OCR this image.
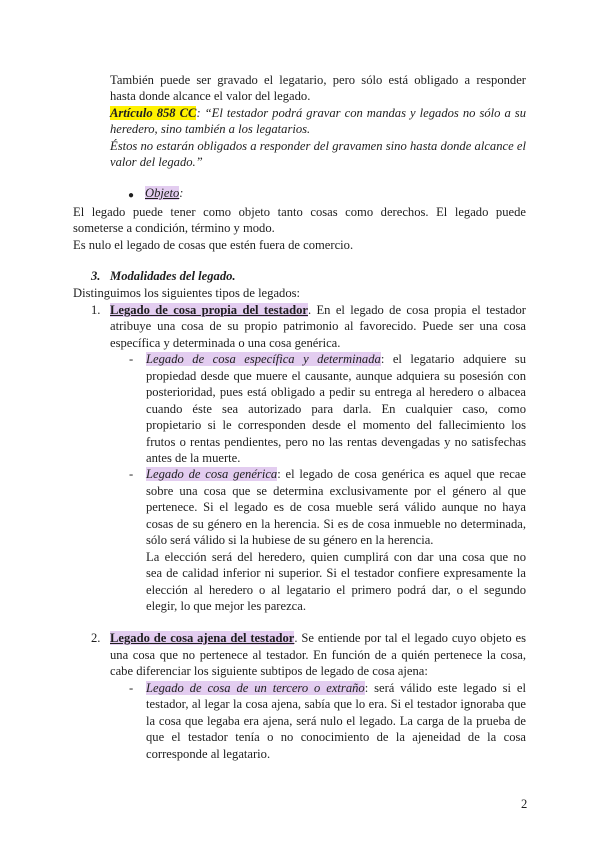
También puede ser gravado el legatario, pero sólo está obligado a responder
hasta donde alcance el valor del legado.
Artículo 858 CC: “El testador podrá gravar con mandas y legados no sólo a su
heredero, sino también a los legatarios.
Éstos no estarán obligados a responder del gravamen sino hasta donde alcance el
valor del legado.”
● Objeto:
El legado puede tener como objeto tanto cosas como derechos. El legado puede
someterse a condición, término y modo.
Es nulo el legado de cosas que estén fuera de comercio.
3. Modalidades del legado.
Distinguimos los siguientes tipos de legados:
1. Legado de cosa propia del testador. En el legado de cosa propia el testador
atribuye una cosa de su propio patrimonio al favorecido. Puede ser una cosa
específica y determinada o una cosa genérica.
- Legado de cosa específica y determinada: el legatario adquiere su
propiedad desde que muere el causante, aunque adquiera su posesión con
posterioridad, pues está obligado a pedir su entrega al heredero o albacea
cuando éste sea autorizado para darla. En cualquier caso, como
propietario si le corresponden desde el momento del fallecimiento los
frutos o rentas pendientes, pero no las rentas devengadas y no satisfechas
antes de la muerte.
- Legado de cosa genérica: el legado de cosa genérica es aquel que recae
sobre una cosa que se determina exclusivamente por el género al que
pertenece. Si el legado es de cosa mueble será válido aunque no haya
cosas de su género en la herencia. Si es de cosa inmueble no determinada,
sólo será válido si la hubiese de su género en la herencia.
La elección será del heredero, quien cumplirá con dar una cosa que no
sea de calidad inferior ni superior. Si el testador confiere expresamente la
elección al heredero o al legatario el primero podrá dar, o el segundo
elegir, lo que mejor les parezca.
2. Legado de cosa ajena del testador. Se entiende por tal el legado cuyo objeto es
una cosa que no pertenece al testador. En función de a quién pertenece la cosa,
cabe diferenciar los siguiente subtipos de legado de cosa ajena:
- Legado de cosa de un tercero o extraño: será válido este legado si el
testador, al legar la cosa ajena, sabía que lo era. Si el testador ignoraba que
la cosa que legaba era ajena, será nulo el legado. La carga de la prueba de
que el testador tenía o no conocimiento de la ajeneidad de la cosa
corresponde al legatario.
2
